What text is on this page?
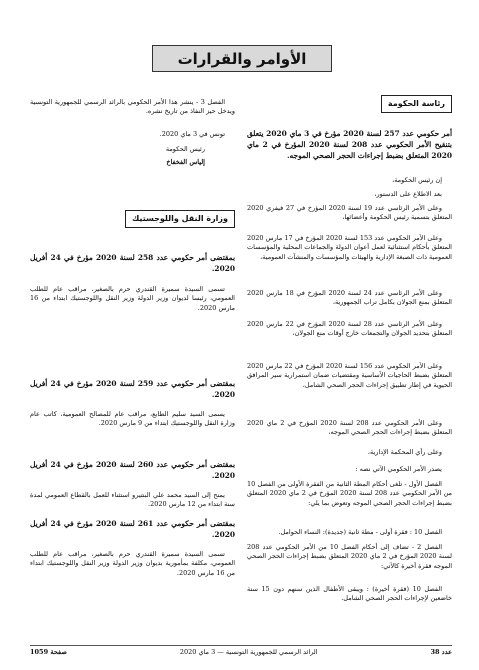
الأوامر والقرارات
رئاسة الحكومة
أمر حكومي عدد 257 لسنة 2020 مؤرخ في 3 ماي 2020 يتعلق بتنقيح الأمر الحكومي عدد 208 لسنة 2020 المؤرخ في 2 ماي 2020 المتعلق بضبط إجراءات الحجر الصحي الموجه.
إن رئيس الحكومة،
بعد الاطلاع على الدستور،
وعلى الأمر الرئاسي عدد 19 لسنة 2020 المؤرخ في 27 فيفري 2020 المتعلق بتسمية رئيس الحكومة وأعضائها،
وعلى الأمر الحكومي عدد 153 لسنة 2020 المؤرخ في 17 مارس 2020 المتعلق بأحكام استثنائية لعمل أعوان الدولة والجماعات المحلية والمؤسسات العمومية ذات الصبغة الإدارية والهيئات والمؤسسات والمنشآت العمومية،
وعلى الأمر الرئاسي عدد 24 لسنة 2020 المؤرخ في 18 مارس 2020 المتعلق بمنع الجولان بكامل تراب الجمهورية،
وعلى الأمر الرئاسي عدد 28 لسنة 2020 المؤرخ في 22 مارس 2020 المتعلق بتحديد الجولان والتجمعات خارج أوقات منع الجولان،
وعلى الأمر الحكومي عدد 156 لسنة 2020 المؤرخ في 22 مارس 2020 المتعلق بضبط الحاجيات الأساسية ومقتضيات ضمان استمرارية سير المرافق الحيوية في إطار تطبيق إجراءات الحجر الصحي الشامل،
وعلى الأمر الحكومي عدد 208 لسنة 2020 المؤرخ في 2 ماي 2020 المتعلق بضبط إجراءات الحجر الصحي الموجه،
وعلى رأي المحكمة الإدارية،
يصدر الأمر الحكومي الآتي نصه :
الفصل الأول - تلغى أحكام المطة الثانية من الفقرة الأولى من الفصل 10 من الأمر الحكومي عدد 208 لسنة 2020 المؤرخ في 2 ماي 2020 المتعلق بضبط إجراءات الحجر الصحي الموجه وتعوض بما يلي:
الفصل 10 : فقرة أولى - مطة ثانية (جديدة): النساء الحوامل.
الفصل 2 - تضاف إلى أحكام الفصل 10 من الأمر الحكومي عدد 208 لسنة 2020 المؤرخ في 2 ماي 2020 المتعلق بضبط إجراءات الحجر الصحي الموجه فقرة أخيرة كالآتي:
الفصل 10 (فقرة أخيرة) : ويبقى الأطفال الذين سنهم دون 15 سنة خاضعين لإجراءات الحجر الصحي الشامل.
الفصل 3 - ينشر هذا الأمر الحكومي بالرائد الرسمي للجمهورية التونسية ويدخل حيز النفاذ من تاريخ نشره.
تونس في 3 ماي 2020.
رئيس الحكومة
إلياس الفخفاخ
وزارة النقل واللوجستيك
بمقتضى أمر حكومي عدد 258 لسنة 2020 مؤرخ في 24 أفريل 2020.
تسمى السيدة سميرة القندري حرم بالصغير، مراقب عام للطلب العمومي، رئيسا لديوان وزير الدولة وزير النقل واللوجستيك ابتداء من 16 مارس 2020.
بمقتضى أمر حكومي عدد 259 لسنة 2020 مؤرخ في 24 أفريل 2020.
يسمى السيد سليم الطايع، مراقب عام للمصالح العمومية، كاتب عام وزارة النقل واللوجستيك ابتداء من 9 مارس 2020.
بمقتضى أمر حكومي عدد 260 لسنة 2020 مؤرخ في 24 أفريل 2020.
يمنح إلى السيد محمد علي البنتيرو استثناء للعمل بالقطاع العمومي لمدة سنة ابتداء من 12 مارس 2020.
بمقتضى أمر حكومي عدد 261 لسنة 2020 مؤرخ في 24 أفريل 2020.
تسمى السيدة سميرة القندري حرم بالصغير، مراقب عام للطلب العمومي، مكلفة بمأمورية بديوان وزير الدولة وزير النقل واللوجستيك ابتداء من 16 مارس 2020.
عدد 38
الرائد الرسمي للجمهورية التونسية — 3 ماي 2020
صفحة 1059
